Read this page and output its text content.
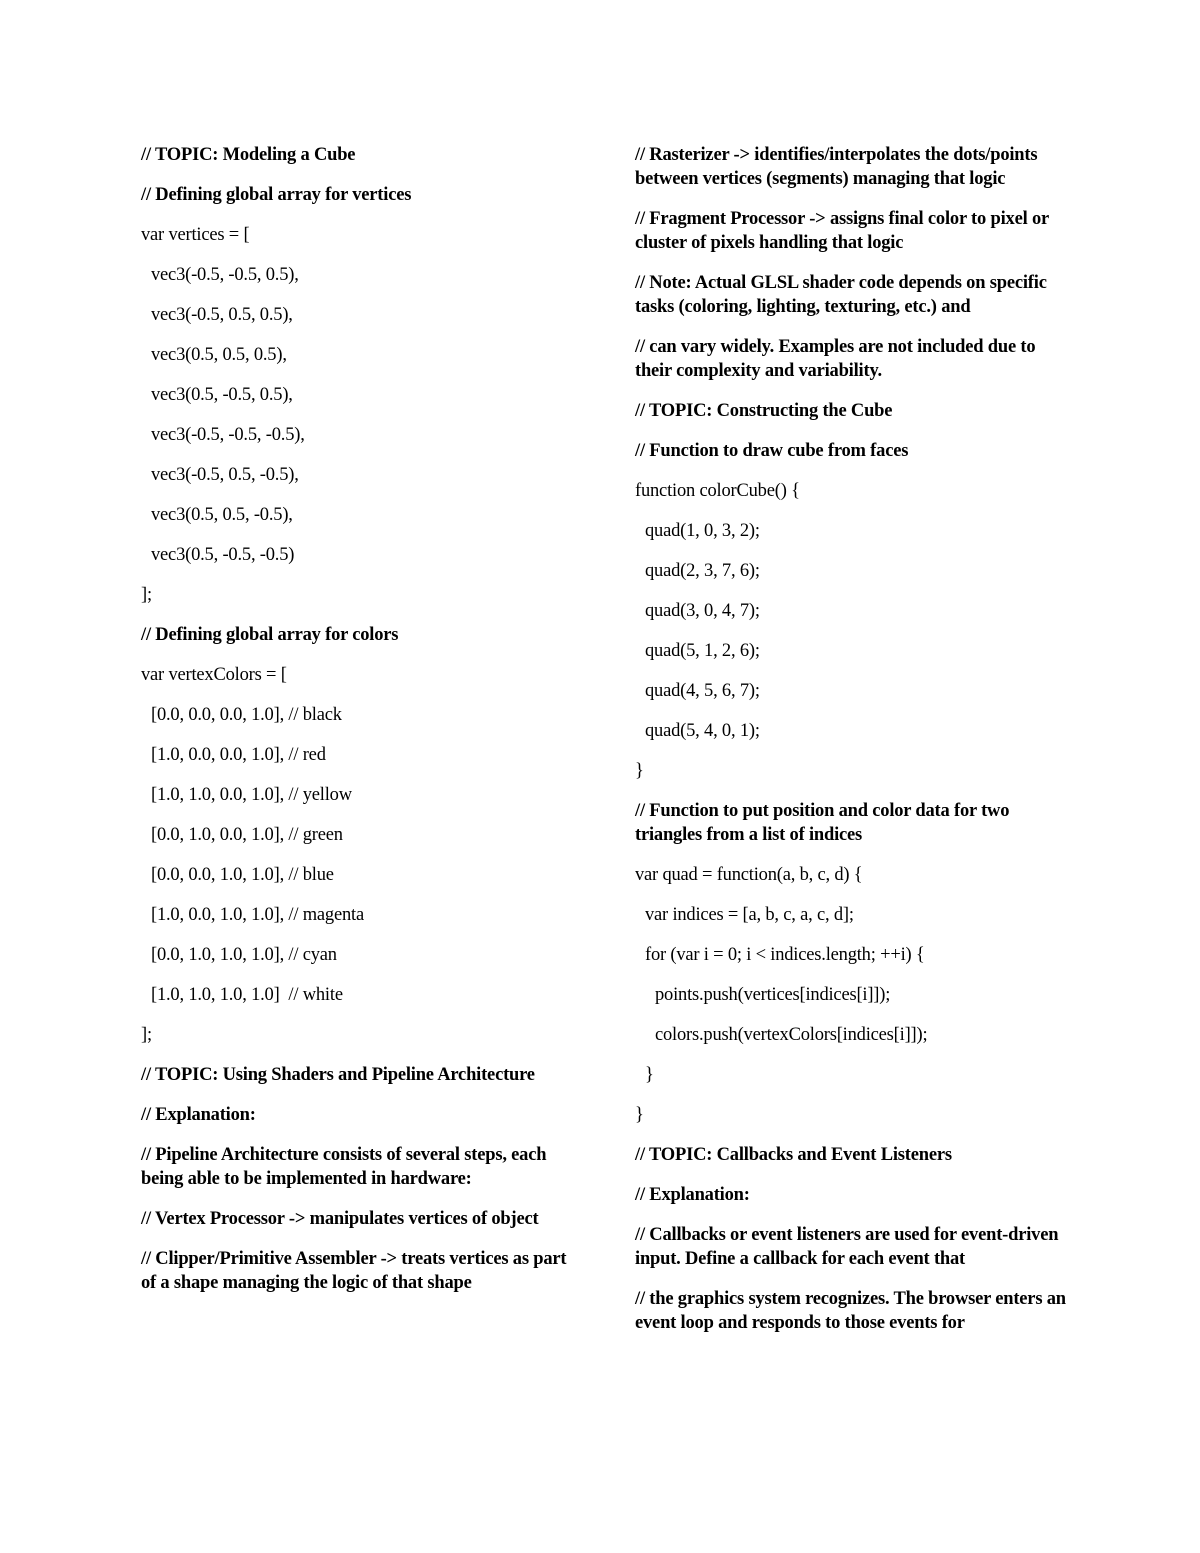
// TOPIC: Modeling a Cube

// Defining global array for vertices

var vertices = [

vec3(-0.5, -0.5, 0.5),

vec3(-0.5, 0.5, 0.5),

vec3(0.5, 0.5, 0.5),

vec3(0.5, -0.5, 0.5),

vec3(-0.5, -0.5, -0.5),

vec3(-0.5, 0.5, -0.5),

vec3(0.5, 0.5, -0.5),

vec3(0.5, -0.5, -0.5)

];

// Defining global array for colors

var vertexColors = [

[0.0, 0.0, 0.0, 1.0], // black

[1.0, 0.0, 0.0, 1.0], // red

[1.0, 1.0, 0.0, 1.0], // yellow

[0.0, 1.0, 0.0, 1.0], // green

[0.0, 0.0, 1.0, 1.0], // blue

[1.0, 0.0, 1.0, 1.0], // magenta

[0.0, 1.0, 1.0, 1.0], // cyan

[1.0, 1.0, 1.0, 1.0]  // white

];

// TOPIC: Using Shaders and Pipeline Architecture

// Explanation:

// Pipeline Architecture consists of several steps, each being able to be implemented in hardware:

// Vertex Processor -> manipulates vertices of object

// Clipper/Primitive Assembler -> treats vertices as part of a shape managing the logic of that shape

// Rasterizer -> identifies/interpolates the dots/points between vertices (segments) managing that logic

// Fragment Processor -> assigns final color to pixel or cluster of pixels handling that logic

// Note: Actual GLSL shader code depends on specific tasks (coloring, lighting, texturing, etc.) and

// can vary widely. Examples are not included due to their complexity and variability.

// TOPIC: Constructing the Cube

// Function to draw cube from faces

function colorCube() {

quad(1, 0, 3, 2);

quad(2, 3, 7, 6);

quad(3, 0, 4, 7);

quad(5, 1, 2, 6);

quad(4, 5, 6, 7);

quad(5, 4, 0, 1);

}

// Function to put position and color data for two triangles from a list of indices

var quad = function(a, b, c, d) {

var indices = [a, b, c, a, c, d];

for (var i = 0; i < indices.length; ++i) {

points.push(vertices[indices[i]]);

colors.push(vertexColors[indices[i]]);

}

}

// TOPIC: Callbacks and Event Listeners

// Explanation:

// Callbacks or event listeners are used for event-driven input. Define a callback for each event that

// the graphics system recognizes. The browser enters an event loop and responds to those events for
